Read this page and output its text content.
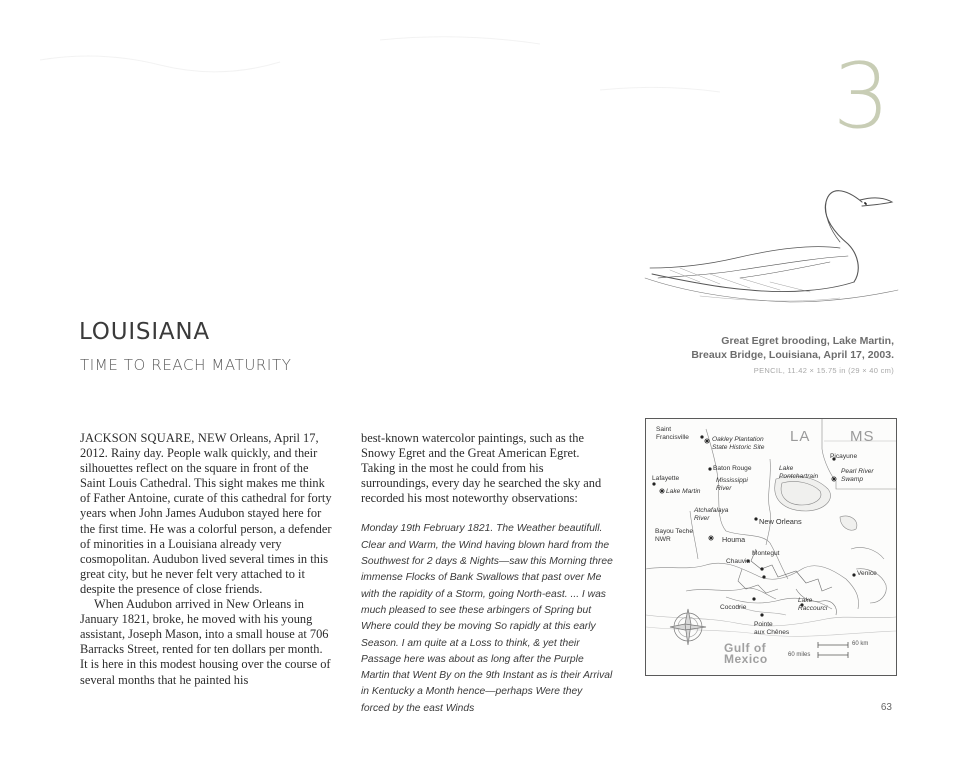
3
Great Egret brooding, Lake Martin,
Breaux Bridge, Louisiana, April 17, 2003.
PENCIL, 11.42 × 15.75 in (29 × 40 cm)
LOUISIANA
TIME TO REACH MATURITY

JACKSON SQUARE, NEW Orleans, April 17, 2012. Rainy day. People walk quickly, and their silhouettes reflect on the square in front of the Saint Louis Cathedral. This sight makes me think of Father Antoine, curate of this cathedral for forty years when John James Audubon stayed here for the first time. He was a colorful person, a defender of minorities in a Louisiana already very cosmopolitan. Audubon lived several times in this great city, but he never felt very attached to it despite the presence of close friends.

When Audubon arrived in New Orleans in January 1821, broke, he moved with his young assistant, Joseph Mason, into a small house at 706 Barracks Street, rented for ten dollars per month. It is here in this modest housing over the course of several months that he painted his

best-known watercolor paintings, such as the Snowy Egret and the Great American Egret. Taking in the most he could from his surroundings, every day he searched the sky and recorded his most noteworthy observations:

Monday 19th February 1821. The Weather beautifull. Clear and Warm, the Wind having blown hard from the Southwest for 2 days & Nights—saw this Morning three immense Flocks of Bank Swallows that past over Me with the rapidity of a Storm, going North-east. ... I was much pleased to see these arbingers of Spring but Where could they be moving So rapidly at this early Season. I am quite at a Loss to think, & yet their Passage here was about as long after the Purple Martin that Went By on the 9th Instant as is their Arrival in Kentucky a Month hence—perhaps Were they forced by the east Winds

LA	MS
Saint
Francisville	Oakley Plantation
State Historic Site
Picayune
Baton Rouge	Lake
Pontchartrain
Pearl River
Swamp
Lafayette	Mississippi
River
Lake Martin
Atchafalaya
River	New Orleans
Bayou Teche
NWR	Houma
Montegut
Chauvin
Venice
Lake
Raccourci
Cocodrie
Pointe
aux Chênes
Gulf of
Mexico
60 km
60 miles
63
